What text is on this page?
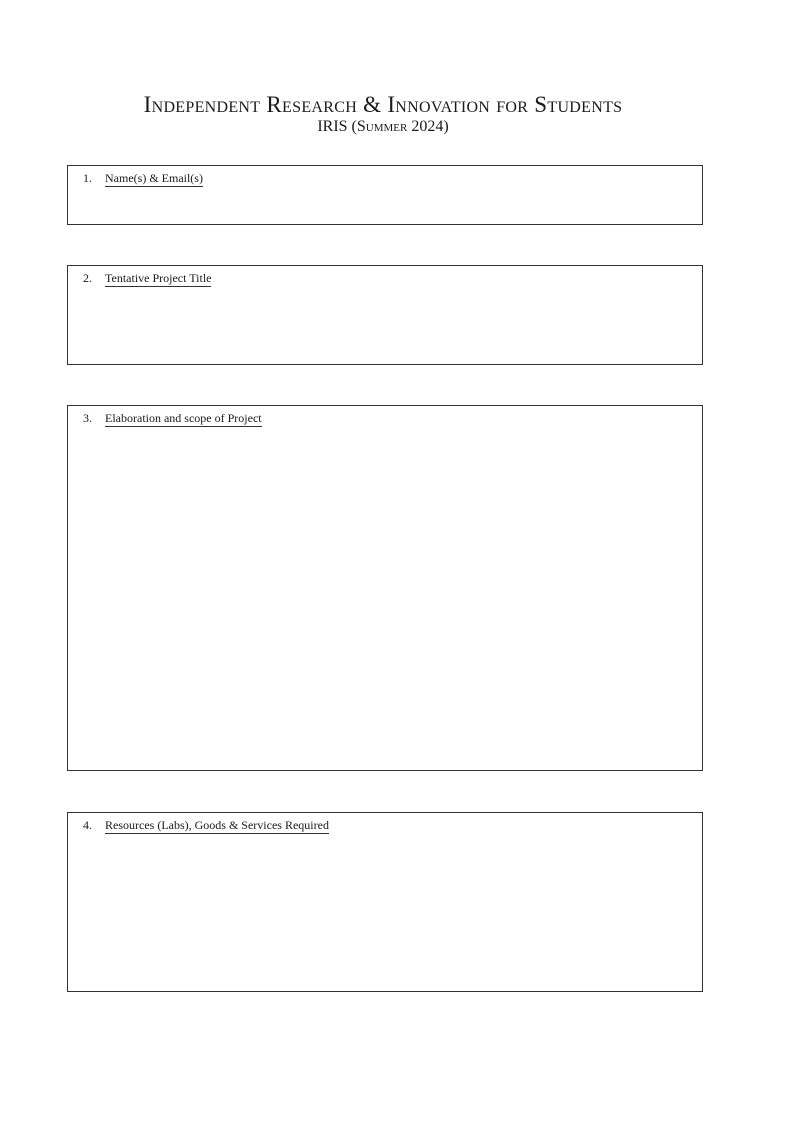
Independent Research & Innovation for Students
IRIS (Summer 2024)
1. Name(s) & Email(s)
2. Tentative Project Title
3. Elaboration and scope of Project
4. Resources (Labs), Goods & Services Required
